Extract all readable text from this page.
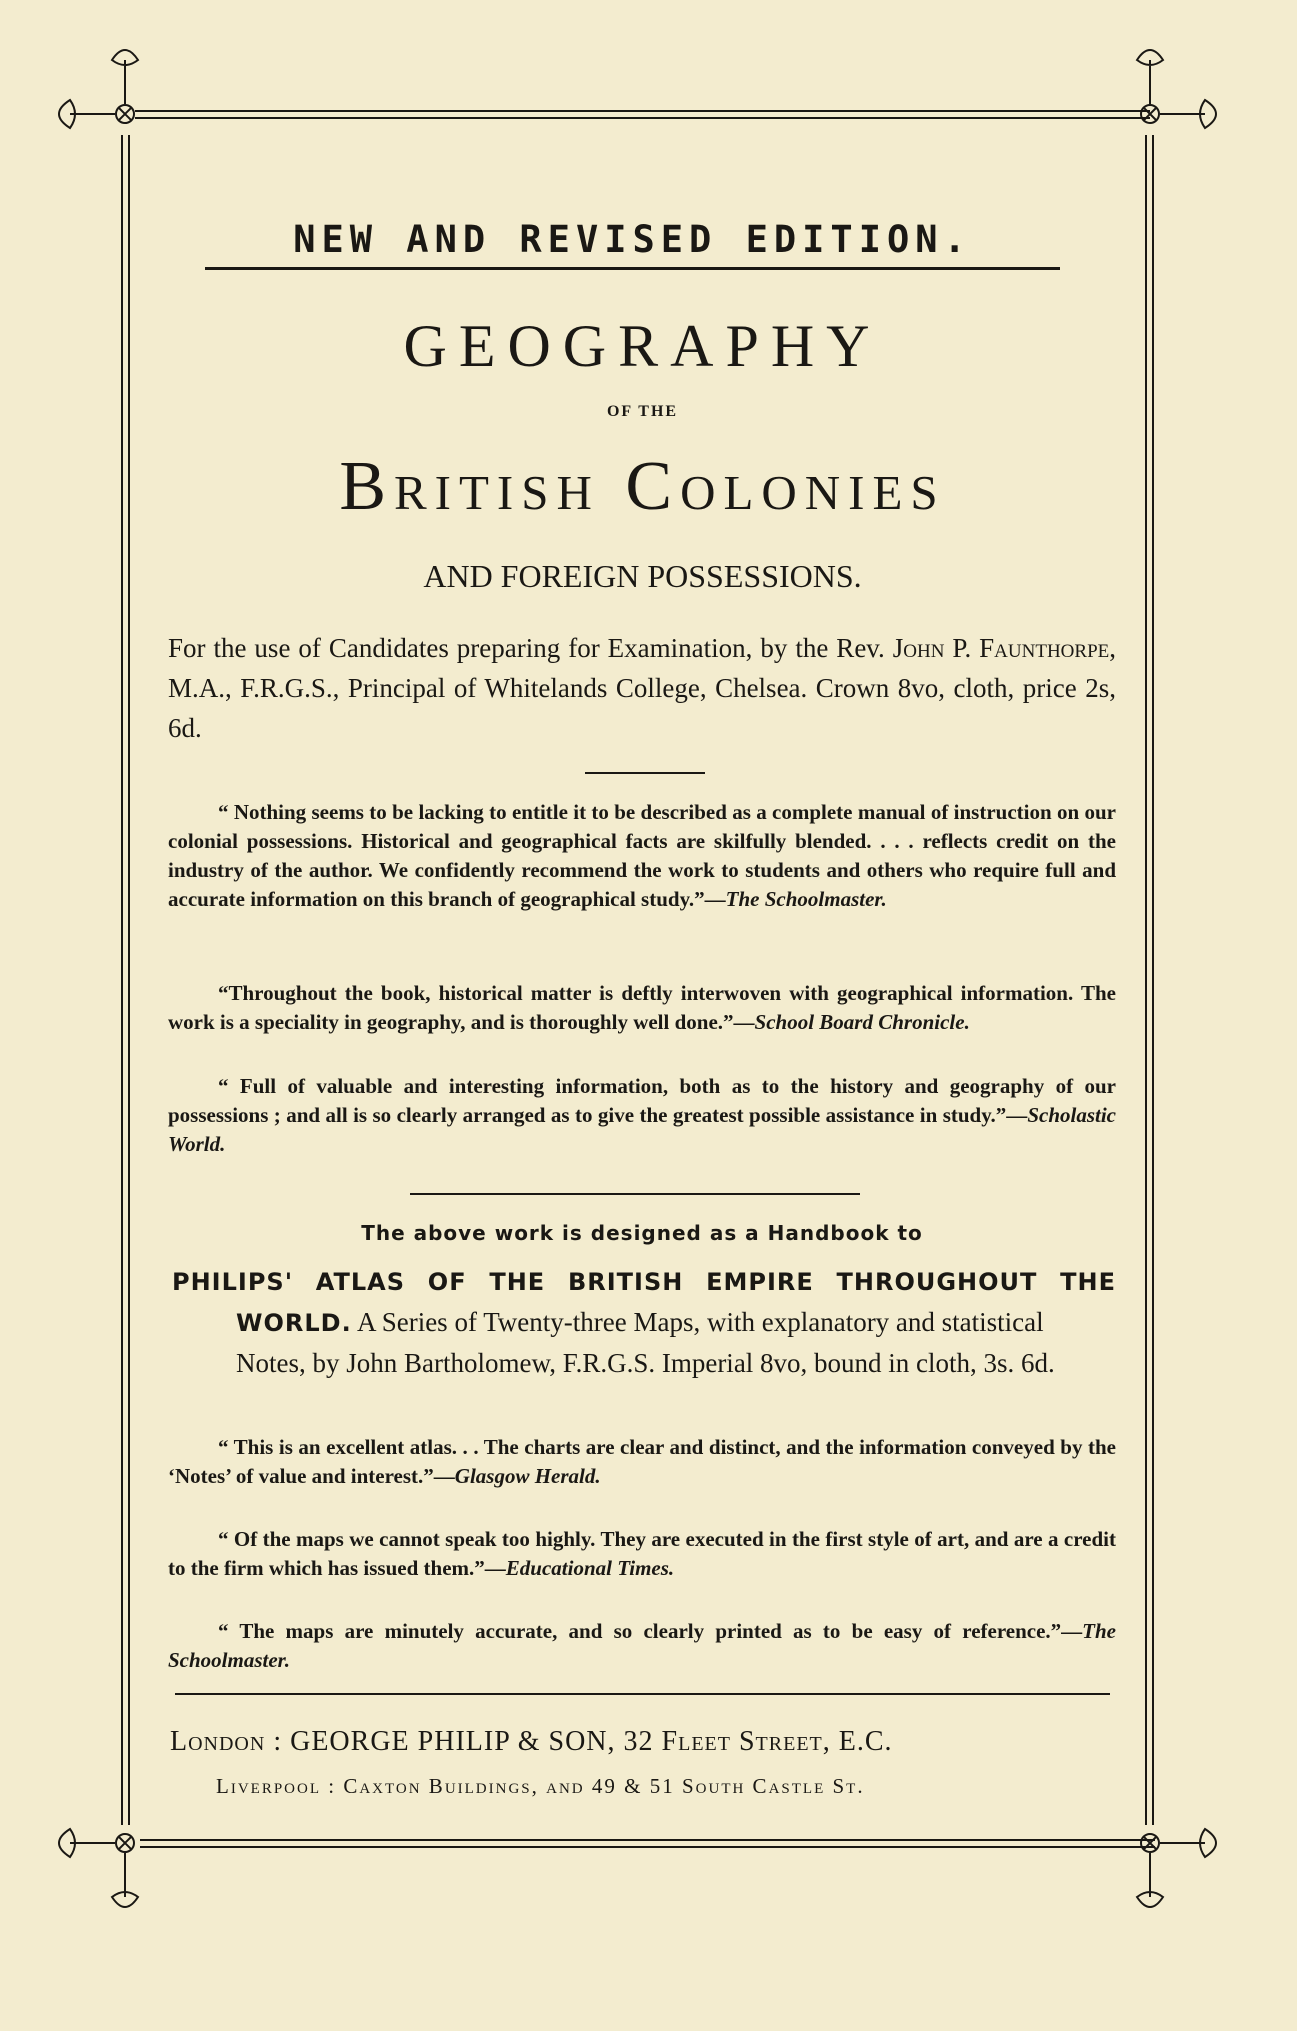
NEW AND REVISED EDITION.
GEOGRAPHY
OF THE
British Colonies
AND FOREIGN POSSESSIONS.
For the use of Candidates preparing for Examination, by the Rev. John P. Faunthorpe, M.A., F.R.G.S., Principal of Whitelands College, Chelsea. Crown 8vo, cloth, price 2s, 6d.
“ Nothing seems to be lacking to entitle it to be described as a complete manual of instruction on our colonial possessions. Historical and geographical facts are skilfully blended. . . . reflects credit on the industry of the author. We confidently recommend the work to students and others who require full and accurate information on this branch of geographical study.”—The Schoolmaster.
“Throughout the book, historical matter is deftly interwoven with geographical information. The work is a speciality in geography, and is thoroughly well done.”—School Board Chronicle.
“ Full of valuable and interesting information, both as to the history and geography of our possessions ; and all is so clearly arranged as to give the greatest possible assistance in study.”—Scholastic World.
The above work is designed as a Handbook to
PHILIPS' ATLAS OF THE BRITISH EMPIRE THROUGHOUT THE
WORLD. A Series of Twenty-three Maps, with explanatory and statistical Notes, by John Bartholomew, F.R.G.S. Imperial 8vo, bound in cloth, 3s. 6d.
“ This is an excellent atlas. . . The charts are clear and distinct, and the information conveyed by the ‘Notes’ of value and interest.”—Glasgow Herald.
“ Of the maps we cannot speak too highly. They are executed in the first style of art, and are a credit to the firm which has issued them.”—Educational Times.
“ The maps are minutely accurate, and so clearly printed as to be easy of reference.”—The Schoolmaster.
London : GEORGE PHILIP & SON, 32 Fleet Street, E.C.
Liverpool : Caxton Buildings, and 49 & 51 South Castle St.
